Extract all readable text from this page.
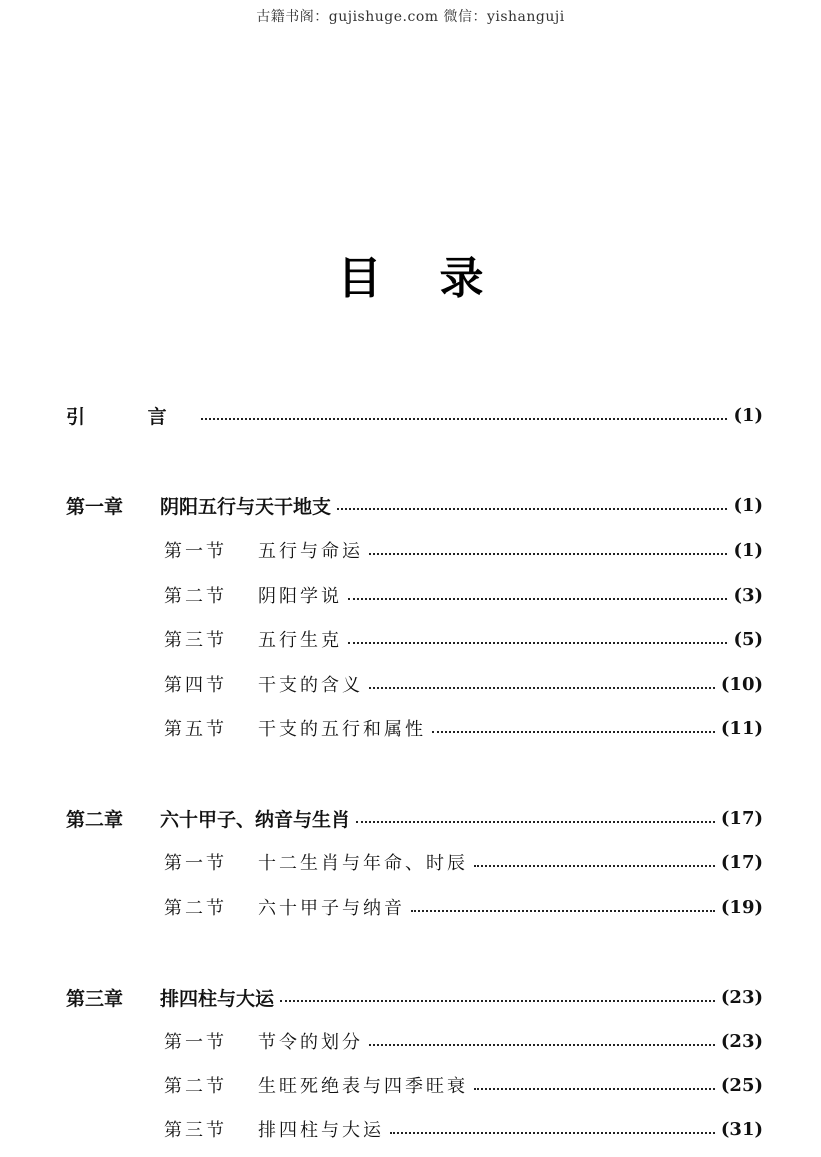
古籍书阁：gujishuge.com 微信：yishanguji
目 录
引 言	(1)
第一章 阴阳五行与天干地支	(1)
第一节 五行与命运	(1)
第二节 阴阳学说	(3)
第三节 五行生克	(5)
第四节 干支的含义	(10)
第五节 干支的五行和属性	(11)
第二章 六十甲子、纳音与生肖	(17)
第一节 十二生肖与年命、时辰	(17)
第二节 六十甲子与纳音	(19)
第三章 排四柱与大运	(23)
第一节 节令的划分	(23)
第二节 生旺死绝表与四季旺衰	(25)
第三节 排四柱与大运	(31)
